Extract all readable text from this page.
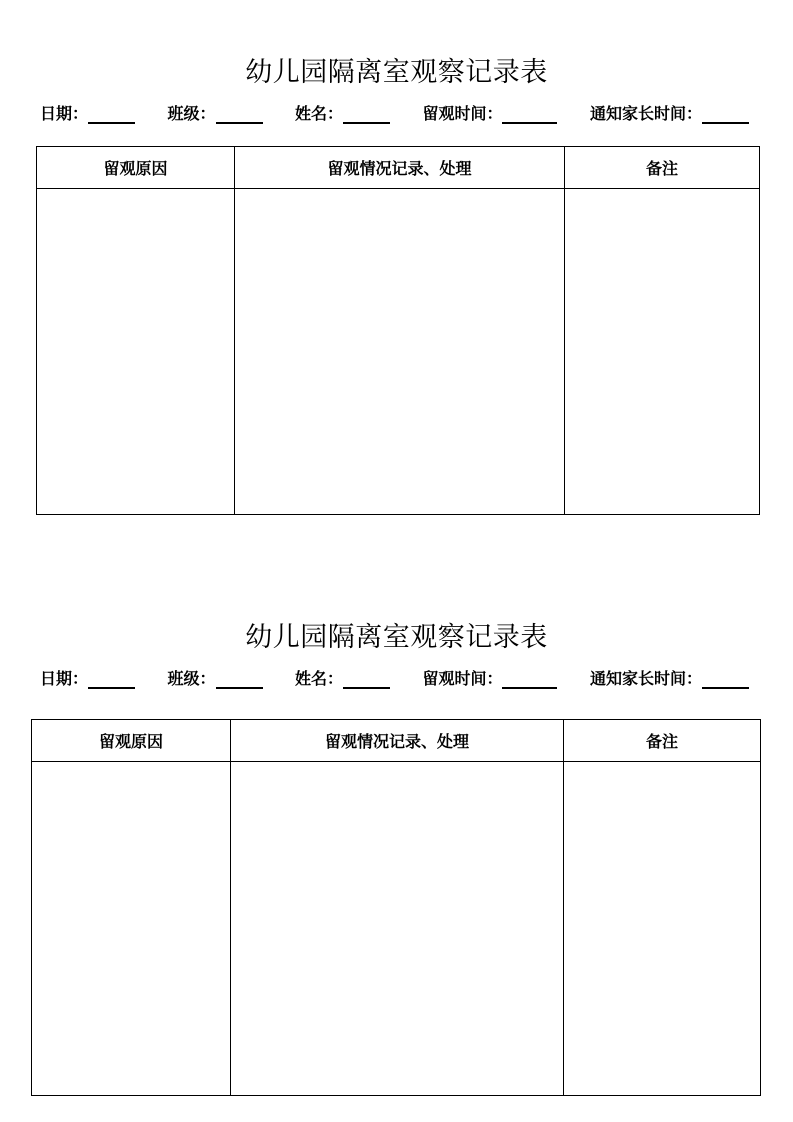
幼儿园隔离室观察记录表
日期：	班级：	姓名：	留观时间：	通知家长时间：
留观原因	留观情况记录、处理	备注

幼儿园隔离室观察记录表
日期：	班级：	姓名：	留观时间：	通知家长时间：
留观原因	留观情况记录、处理	备注
